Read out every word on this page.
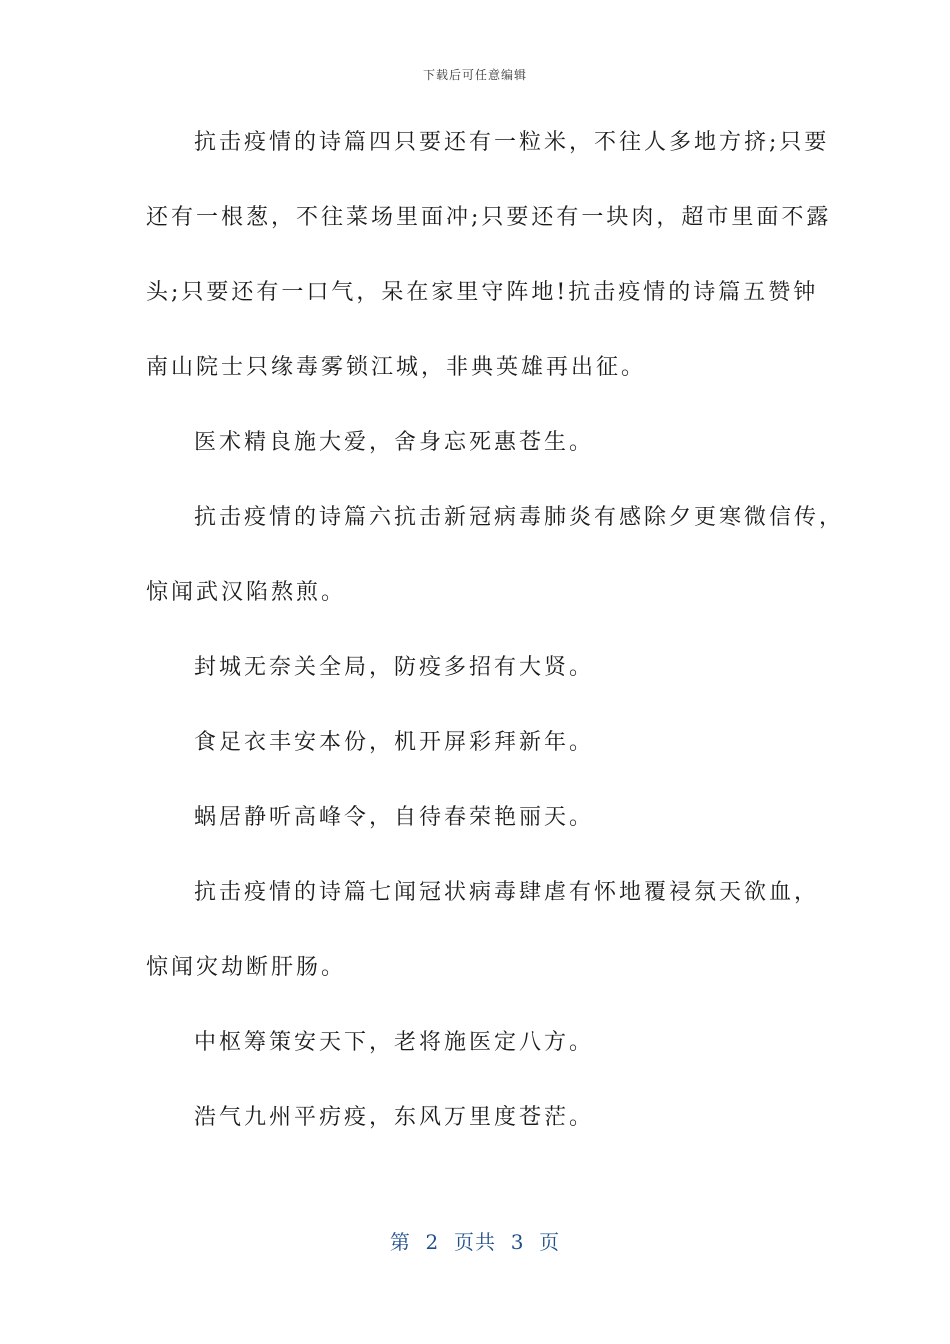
下载后可任意编辑
抗击疫情的诗篇四只要还有一粒米，不往人多地方挤;只要
还有一根葱，不往菜场里面冲;只要还有一块肉，超市里面不露
头;只要还有一口气，呆在家里守阵地!抗击疫情的诗篇五赞钟
南山院士只缘毒雾锁江城，非典英雄再出征。
医术精良施大爱，舍身忘死惠苍生。
抗击疫情的诗篇六抗击新冠病毒肺炎有感除夕更寒微信传，
惊闻武汉陷熬煎。
封城无奈关全局，防疫多招有大贤。
食足衣丰安本份，机开屏彩拜新年。
蜗居静听高峰令，自待春荣艳丽天。
抗击疫情的诗篇七闻冠状病毒肆虐有怀地覆祲氛天欲血，
惊闻灾劫断肝肠。
中枢筹策安天下，老将施医定八方。
浩气九州平疠疫，东风万里度苍茫。
第  2  页共  3  页
